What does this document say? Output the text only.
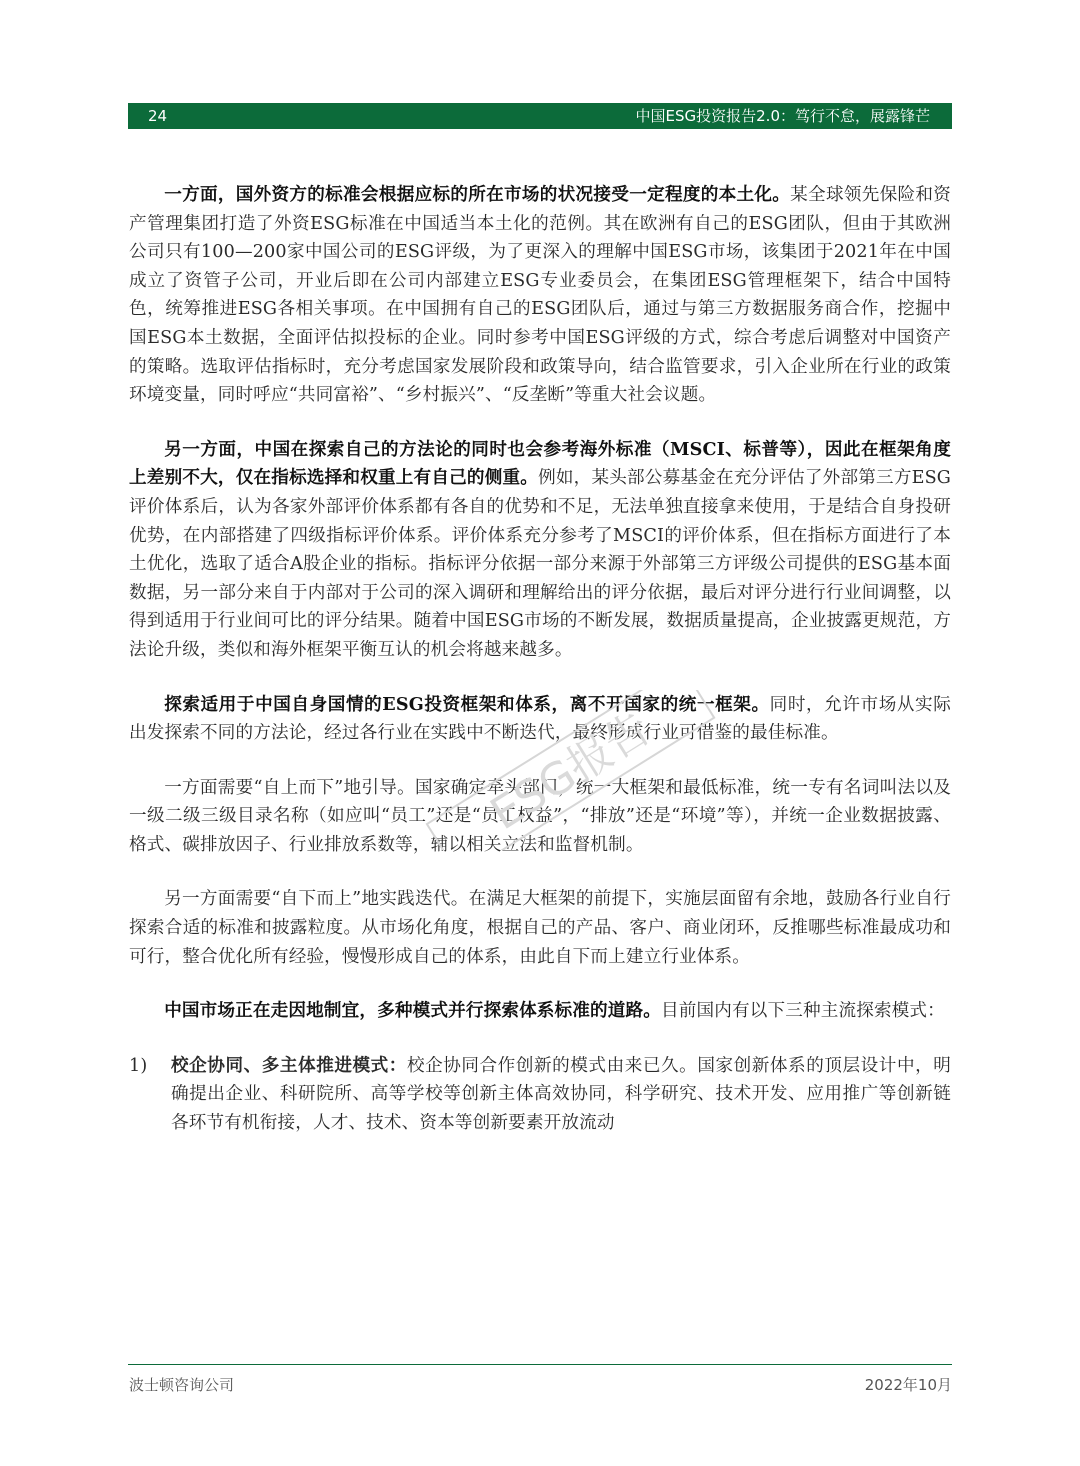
24	中国ESG投资报告2.0：笃行不怠，展露锋芒

一方面，国外资方的标准会根据应标的所在市场的状况接受一定程度的本土化。某全球领先保险和资产管理集团打造了外资ESG标准在中国适当本土化的范例。其在欧洲有自己的ESG团队，但由于其欧洲公司只有100—200家中国公司的ESG评级，为了更深入的理解中国ESG市场，该集团于2021年在中国成立了资管子公司，开业后即在公司内部建立ESG专业委员会，在集团ESG管理框架下，结合中国特色，统筹推进ESG各相关事项。在中国拥有自己的ESG团队后，通过与第三方数据服务商合作，挖掘中国ESG本土数据，全面评估拟投标的企业。同时参考中国ESG评级的方式，综合考虑后调整对中国资产的策略。选取评估指标时，充分考虑国家发展阶段和政策导向，结合监管要求，引入企业所在行业的政策环境变量，同时呼应“共同富裕”、“乡村振兴”、“反垄断”等重大社会议题。

另一方面，中国在探索自己的方法论的同时也会参考海外标准（MSCI、标普等），因此在框架角度上差别不大，仅在指标选择和权重上有自己的侧重。例如，某头部公募基金在充分评估了外部第三方ESG评价体系后，认为各家外部评价体系都有各自的优势和不足，无法单独直接拿来使用，于是结合自身投研优势，在内部搭建了四级指标评价体系。评价体系充分参考了MSCI的评价体系，但在指标方面进行了本土优化，选取了适合A股企业的指标。指标评分依据一部分来源于外部第三方评级公司提供的ESG基本面数据，另一部分来自于内部对于公司的深入调研和理解给出的评分依据，最后对评分进行行业间调整，以得到适用于行业间可比的评分结果。随着中国ESG市场的不断发展，数据质量提高，企业披露更规范，方法论升级，类似和海外框架平衡互认的机会将越来越多。

探索适用于中国自身国情的ESG投资框架和体系，离不开国家的统一框架。同时，允许市场从实际出发探索不同的方法论，经过各行业在实践中不断迭代，最终形成行业可借鉴的最佳标准。

一方面需要“自上而下”地引导。国家确定牵头部门，统一大框架和最低标准，统一专有名词叫法以及一级二级三级目录名称（如应叫“员工”还是“员工权益”，“排放”还是“环境”等），并统一企业数据披露、格式、碳排放因子、行业排放系数等，辅以相关立法和监督机制。

另一方面需要“自下而上”地实践迭代。在满足大框架的前提下，实施层面留有余地，鼓励各行业自行探索合适的标准和披露粒度。从市场化角度，根据自己的产品、客户、商业闭环，反推哪些标准最成功和可行，整合优化所有经验，慢慢形成自己的体系，由此自下而上建立行业体系。

中国市场正在走因地制宜，多种模式并行探索体系标准的道路。目前国内有以下三种主流探索模式：

1) 校企协同、多主体推进模式：校企协同合作创新的模式由来已久。国家创新体系的顶层设计中，明确提出企业、科研院所、高等学校等创新主体高效协同，科学研究、技术开发、应用推广等创新链各环节有机衔接，人才、技术、资本等创新要素开放流动

ESG报告
波士顿咨询公司	2022年10月
